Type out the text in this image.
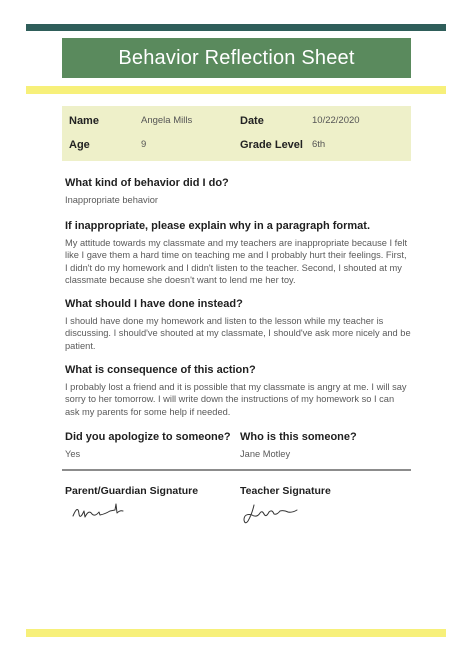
Behavior Reflection Sheet
Name	Angela Mills	Date	10/22/2020
Age	9	Grade Level 6th

What kind of behavior did I do?

Inappropriate behavior

If inappropriate, please explain why in a paragraph format.

My attitude towards my classmate and my teachers are inappropriate because I felt like I gave them a hard time on teaching me and I probably hurt their feelings. First, I didn't do my homework and I didn't listen to the teacher. Second, I shouted at my classmate because she doesn't want to lend me her toy.

What should I have done instead?

I should have done my homework and listen to the lesson while my teacher is discussing. I should've shouted at my classmate, I should've ask more nicely and be patient.

What is consequence of this action?

I probably lost a friend and it is possible that my classmate is angry at me. I will say sorry to her tomorrow. I will write down the instructions of my homework so I can ask my parents for some help if needed.

Did you apologize to someone?

Yes

Who is this someone?

Jane Motley

Parent/Guardian Signature	Teacher Signature
